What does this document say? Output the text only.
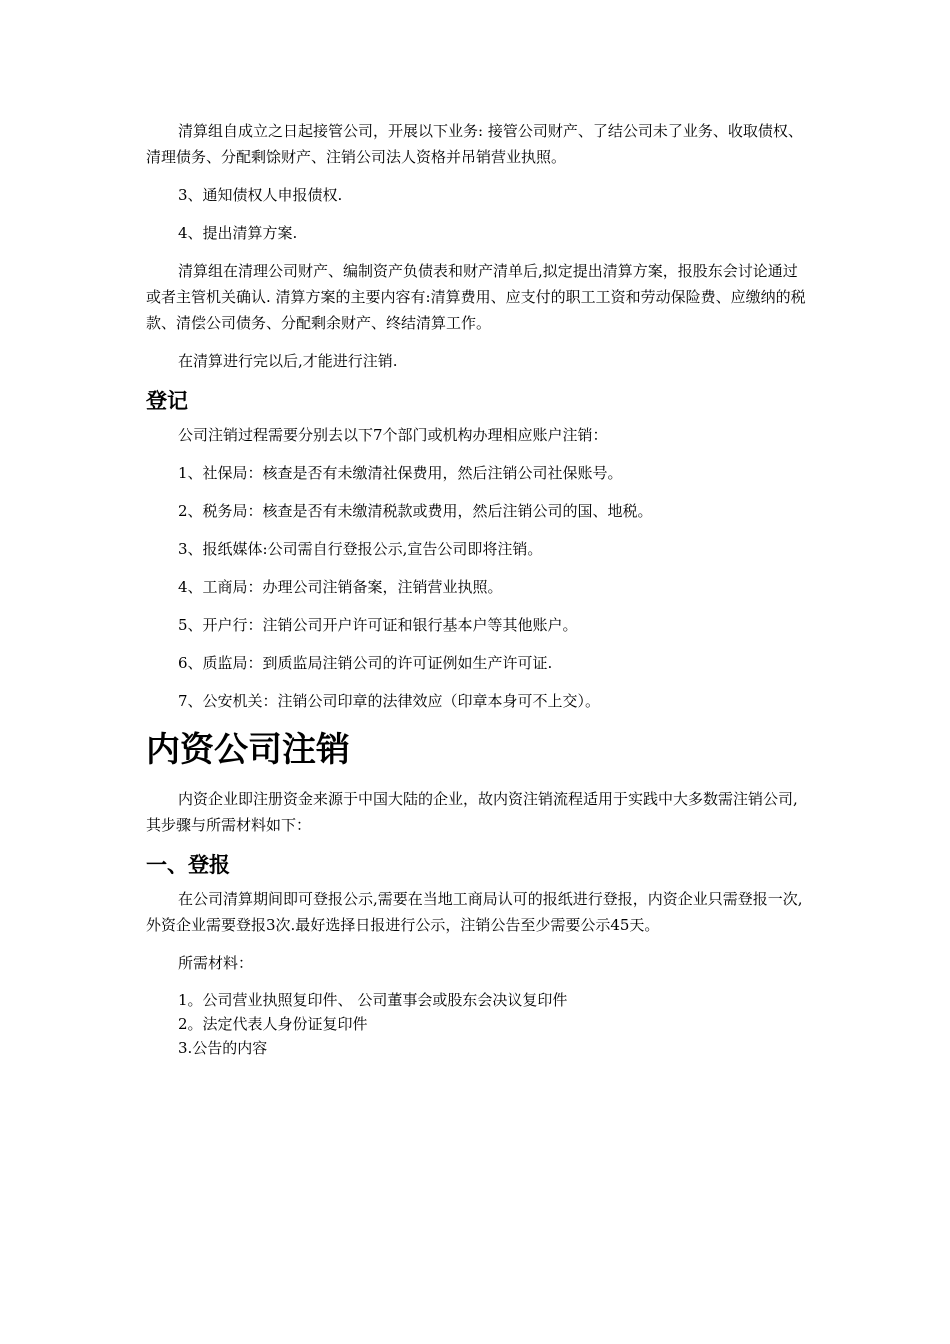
清算组自成立之日起接管公司，开展以下业务: 接管公司财产、了结公司未了业务、收取债权、清理债务、分配剩馀财产、注销公司法人资格并吊销营业执照。

3、通知债权人申报债权.

4、提出清算方案.

清算组在清理公司财产、编制资产负债表和财产清单后,拟定提出清算方案，报股东会讨论通过或者主管机关确认. 清算方案的主要内容有:清算费用、应支付的职工工资和劳动保险费、应缴纳的税款、清偿公司债务、分配剩余财产、终结清算工作。

在清算进行完以后,才能进行注销.

登记

公司注销过程需要分别去以下7个部门或机构办理相应账户注销：

1、社保局：核查是否有未缴清社保费用，然后注销公司社保账号。

2、税务局：核查是否有未缴清税款或费用，然后注销公司的国、地税。

3、报纸媒体:公司需自行登报公示,宣告公司即将注销。

4、工商局：办理公司注销备案，注销营业执照。

5、开户行：注销公司开户许可证和银行基本户等其他账户。

6、质监局：到质监局注销公司的许可证例如生产许可证.

7、公安机关：注销公司印章的法律效应（印章本身可不上交）。

内资公司注销

内资企业即注册资金来源于中国大陆的企业，故内资注销流程适用于实践中大多数需注销公司,其步骤与所需材料如下：

一、登报

在公司清算期间即可登报公示,需要在当地工商局认可的报纸进行登报，内资企业只需登报一次,外资企业需要登报3次.最好选择日报进行公示，注销公告至少需要公示45天。

所需材料：

1。公司营业执照复印件、 公司董事会或股东会决议复印件

2。法定代表人身份证复印件

3.公告的内容
